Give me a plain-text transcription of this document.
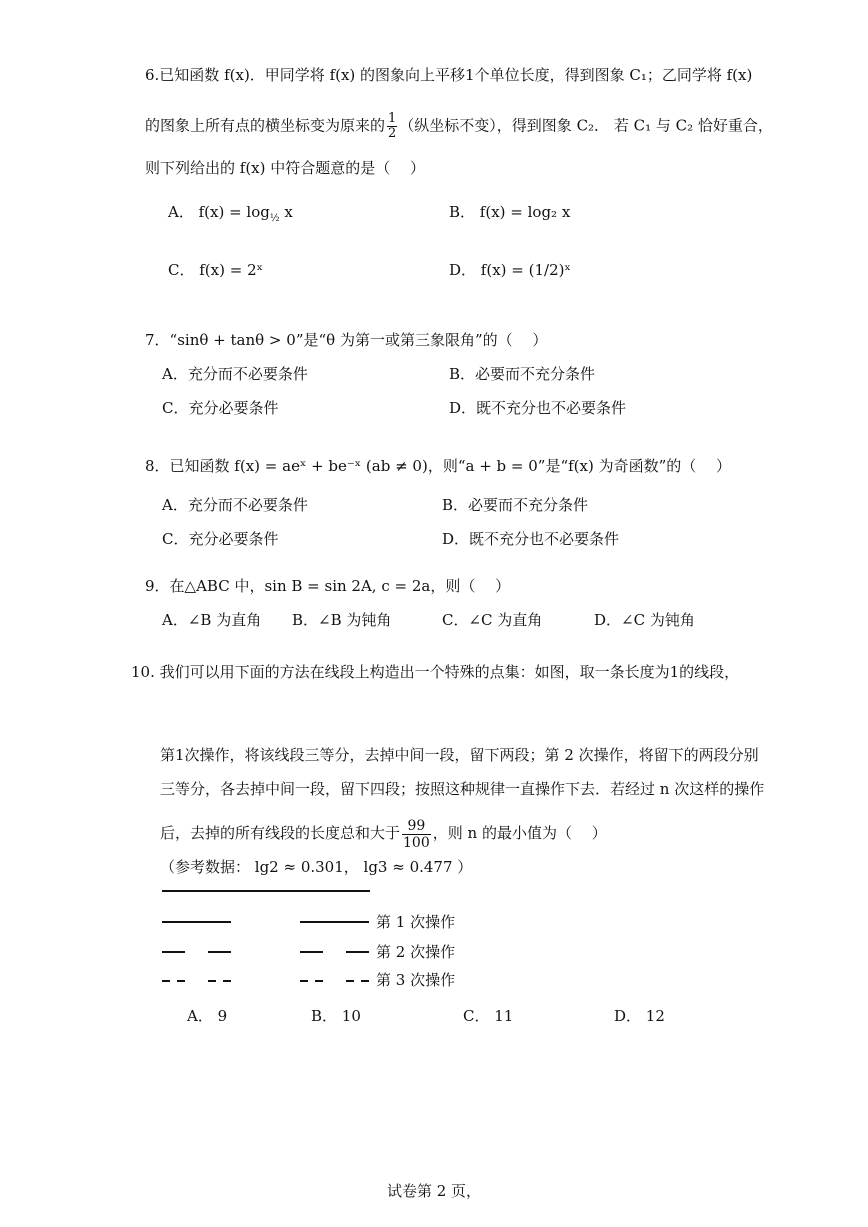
6.已知函数 f(x)．甲同学将 f(x) 的图象向上平移1个单位长度，得到图象 C₁；乙同学将 f(x)
的图象上所有点的横坐标变为原来的 $\frac{1}{2}$ （纵坐标不变），得到图象 C₂． 若 C₁ 与 C₂ 恰好重合，
则下列给出的 f(x) 中符合题意的是（　 ）
A． $f(x) = \log_{\frac{1}{2}} x$	B． f(x) = log₂ x
C． f(x) = 2ˣ	D． f(x) = (1/2)ˣ
7．“sinθ + tanθ > 0”是“θ 为第一或第三象限角”的（　 ）
A．充分而不必要条件	B．必要而不充分条件
C．充分必要条件	D．既不充分也不必要条件
8．已知函数 f(x) = aeˣ + be⁻ˣ (ab ≠ 0)，则“a + b = 0”是“f(x) 为奇函数”的（　 ）
A．充分而不必要条件	B．必要而不充分条件
C．充分必要条件	D．既不充分也不必要条件
9．在△ABC 中，sin B = sin 2A, c = 2a，则（　 ）
A．∠B 为直角 B．∠B 为钝角	C．∠C 为直角	D．∠C 为钝角
10. 我们可以用下面的方法在线段上构造出一个特殊的点集：如图，取一条长度为1的线段，
第1次操作，将该线段三等分，去掉中间一段，留下两段；第 2 次操作，将留下的两段分别
三等分，各去掉中间一段，留下四段；按照这种规律一直操作下去．若经过 n 次这样的操作
后，去掉的所有线段的长度总和大于 $\frac{99}{100}$ ，则 n 的最小值为（　 ）
（参考数据： lg2 ≈ 0.301， lg3 ≈ 0.477 ）
第 1 次操作
第 2 次操作
第 3 次操作
A． 9	B． 10	C． 11	D． 12
试卷第 2 页，
